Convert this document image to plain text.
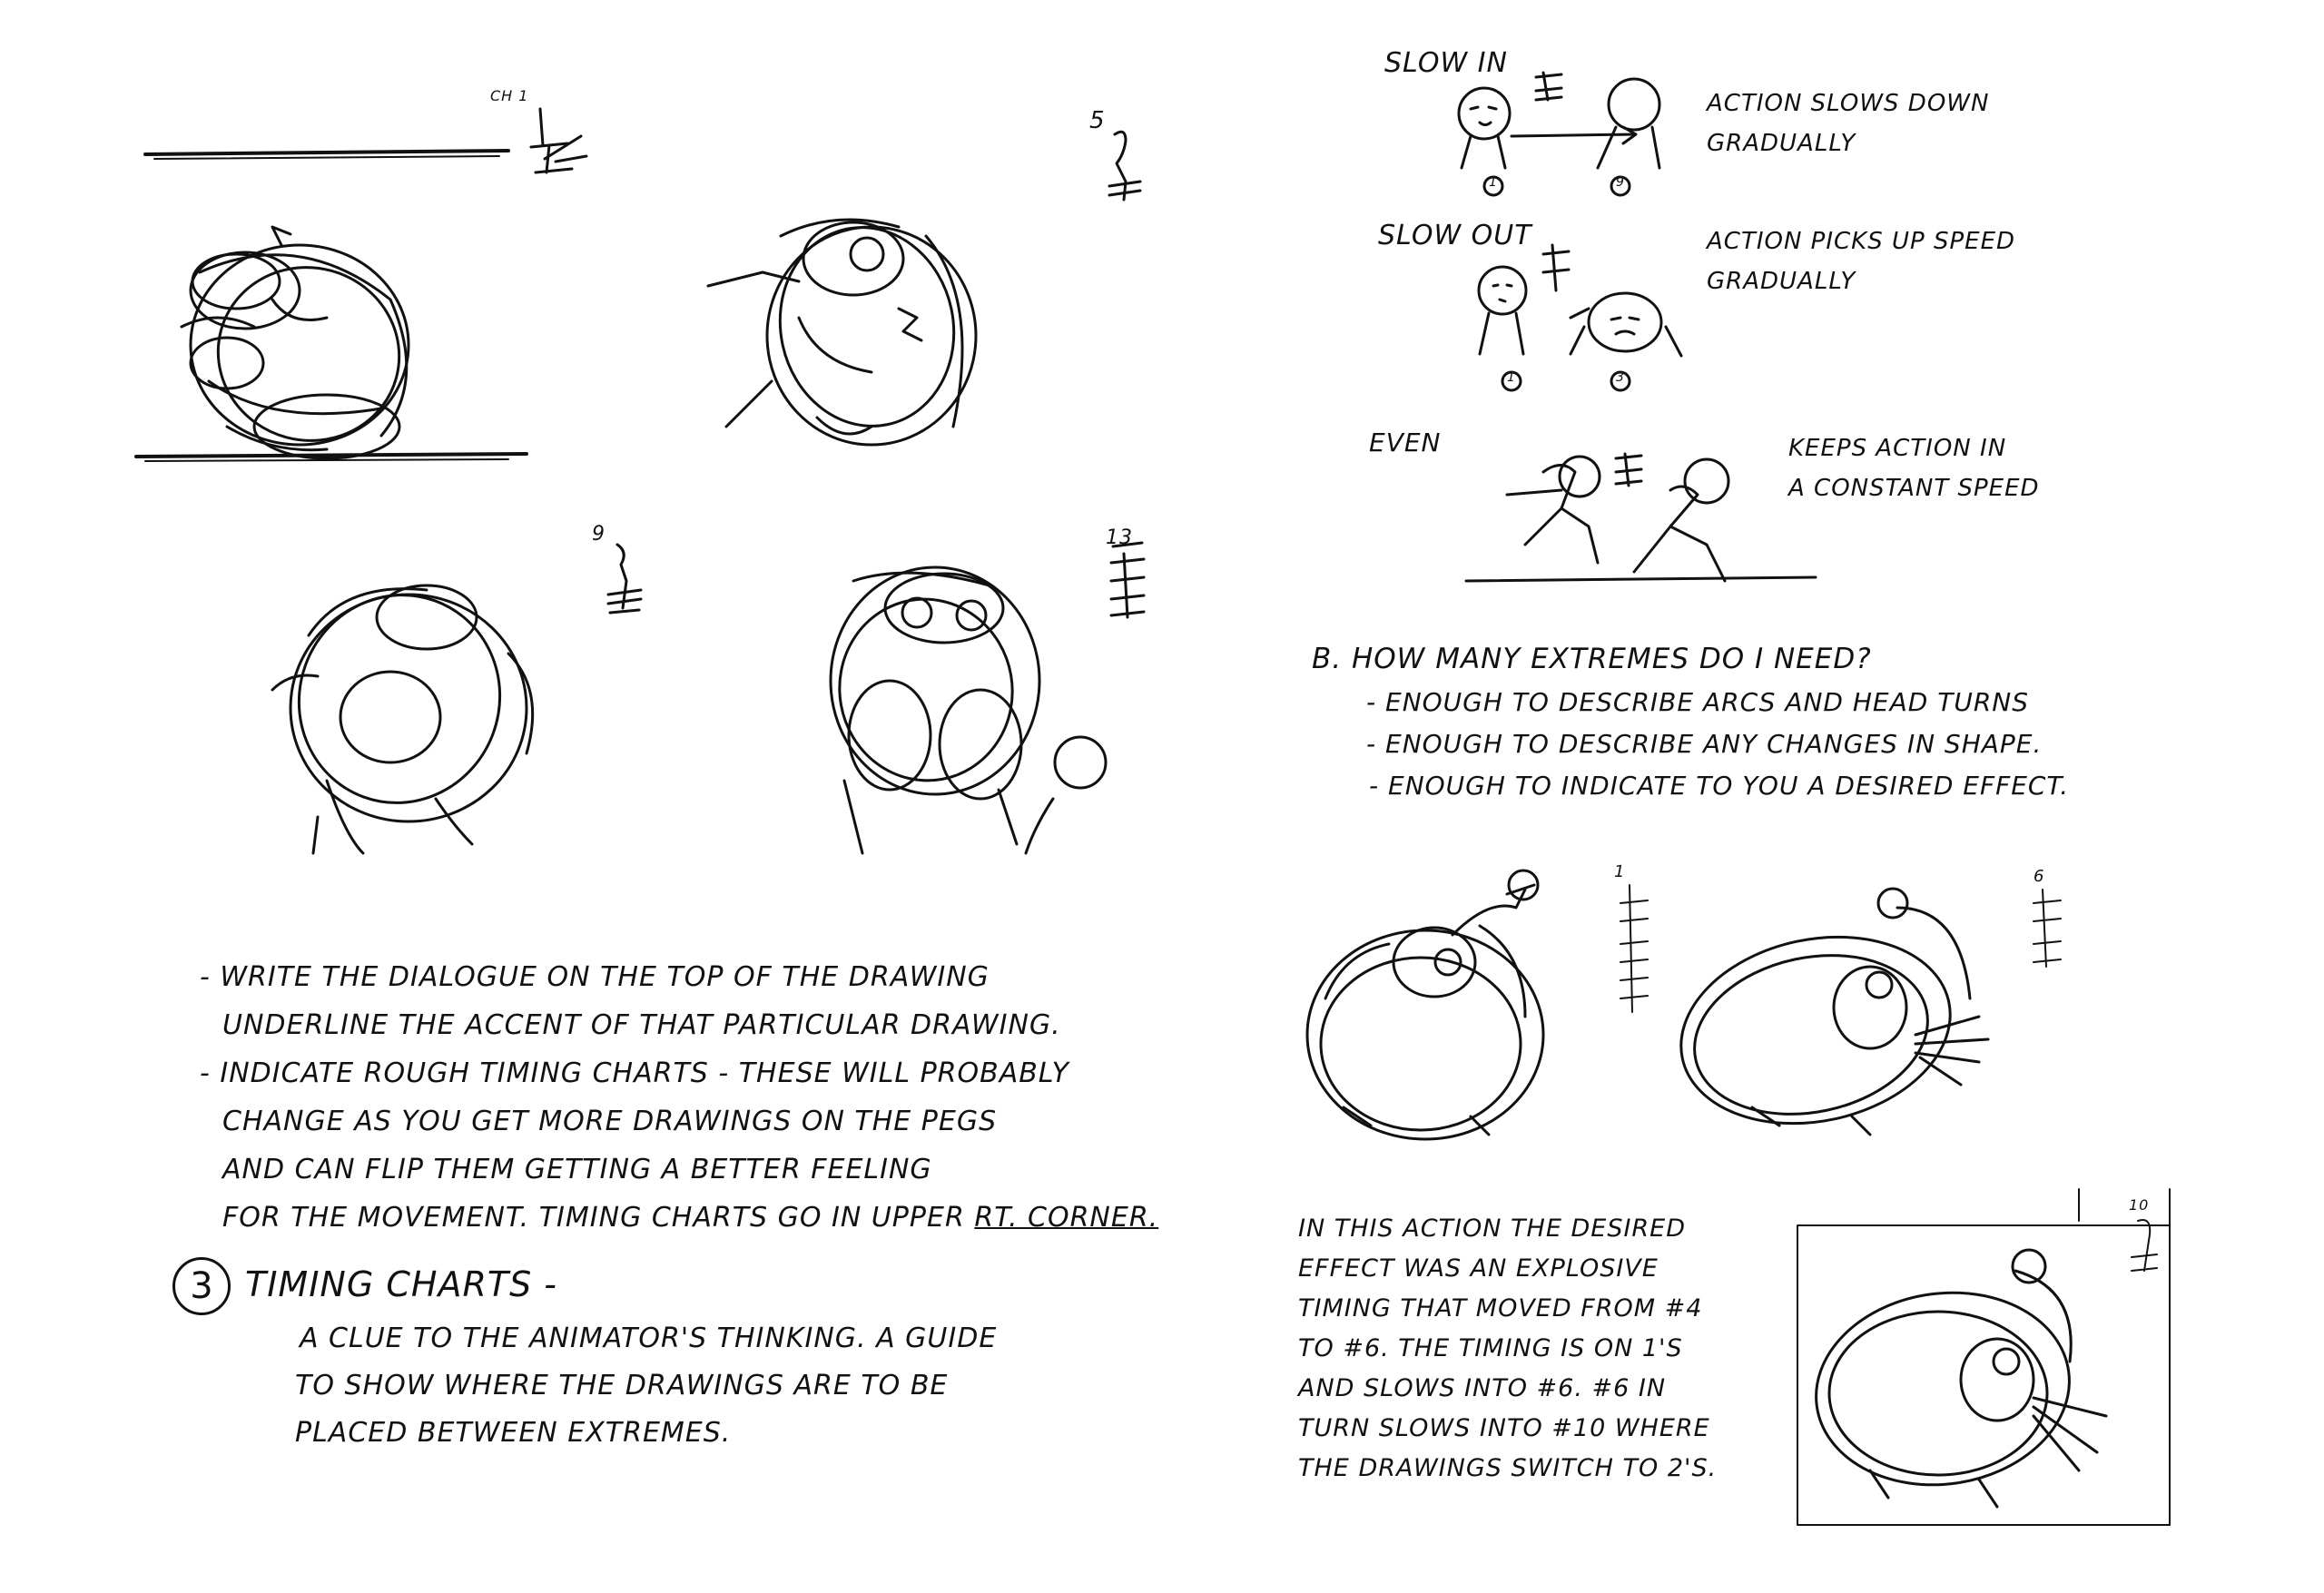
CH 1
5
9	13
- WRITE THE DIALOGUE ON THE TOP OF THE DRAWING
UNDERLINE THE ACCENT OF THAT PARTICULAR DRAWING.
- INDICATE ROUGH TIMING CHARTS - THESE WILL PROBABLY
CHANGE AS YOU GET MORE DRAWINGS ON THE PEGS
AND CAN FLIP THEM GETTING A BETTER FEELING
FOR THE MOVEMENT. TIMING CHARTS GO IN UPPER RT. CORNER.
3 TIMING CHARTS -
A CLUE TO THE ANIMATOR'S THINKING. A GUIDE
TO SHOW WHERE THE DRAWINGS ARE TO BE
PLACED BETWEEN EXTREMES.
SLOW IN
1	9
ACTION SLOWS DOWN
GRADUALLY
SLOW OUT
1	3
ACTION PICKS UP SPEED
GRADUALLY
EVEN	KEEPS ACTION IN
A CONSTANT SPEED
B. HOW MANY EXTREMES DO I NEED?
- ENOUGH TO DESCRIBE ARCS AND HEAD TURNS
- ENOUGH TO DESCRIBE ANY CHANGES IN SHAPE.
- ENOUGH TO INDICATE TO YOU A DESIRED EFFECT.
1	6
IN THIS ACTION THE DESIRED
EFFECT WAS AN EXPLOSIVE
TIMING THAT MOVED FROM #4
TO #6. THE TIMING IS ON 1'S
AND SLOWS INTO #6. #6 IN
TURN SLOWS INTO #10 WHERE
THE DRAWINGS SWITCH TO 2'S.
10
